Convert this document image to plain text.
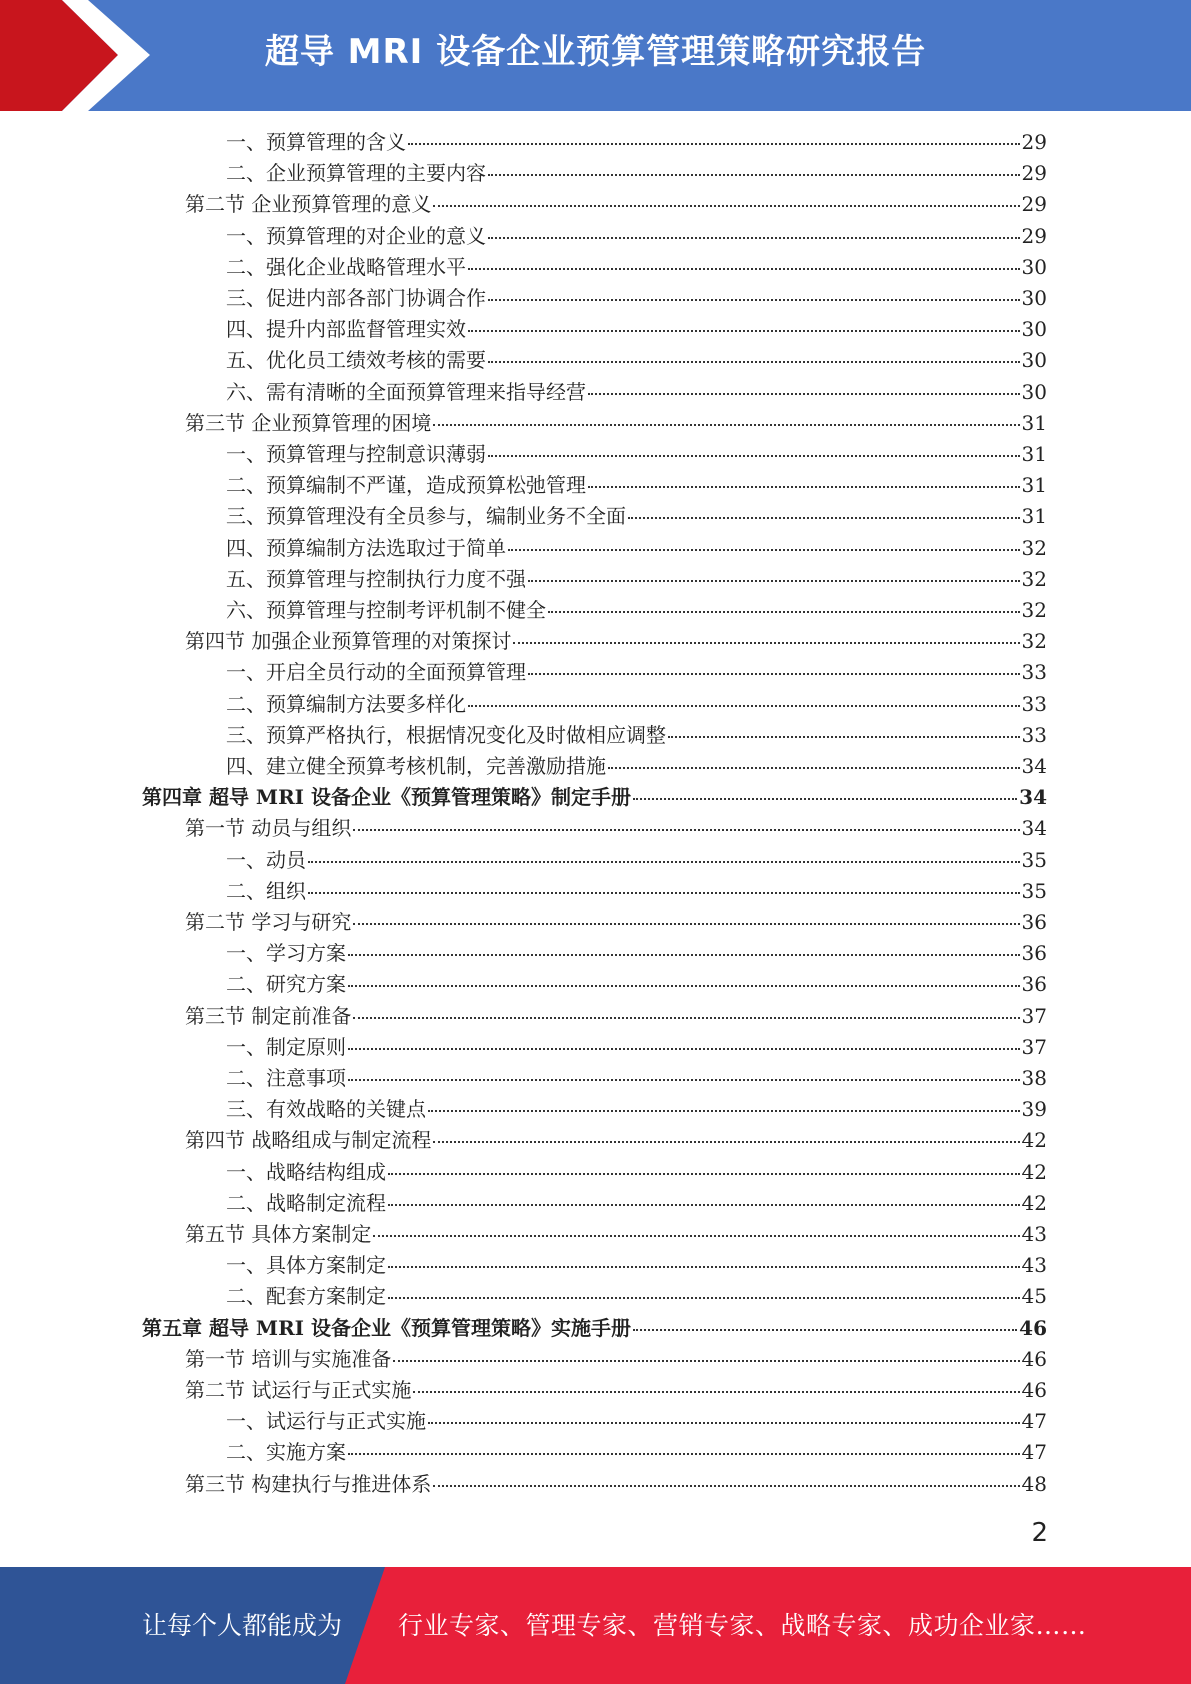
超导 MRI 设备企业预算管理策略研究报告
一、预算管理的含义	29
二、企业预算管理的主要内容	29
第二节 企业预算管理的意义	29
一、预算管理的对企业的意义	29
二、强化企业战略管理水平	30
三、促进内部各部门协调合作	30
四、提升内部监督管理实效	30
五、优化员工绩效考核的需要	30
六、需有清晰的全面预算管理来指导经营	30
第三节 企业预算管理的困境	31
一、预算管理与控制意识薄弱	31
二、预算编制不严谨，造成预算松弛管理	31
三、预算管理没有全员参与，编制业务不全面	31
四、预算编制方法选取过于简单	32
五、预算管理与控制执行力度不强	32
六、预算管理与控制考评机制不健全	32
第四节 加强企业预算管理的对策探讨	32
一、开启全员行动的全面预算管理	33
二、预算编制方法要多样化	33
三、预算严格执行，根据情况变化及时做相应调整	33
四、建立健全预算考核机制，完善激励措施	34
第四章 超导 MRI 设备企业《预算管理策略》制定手册	34
第一节 动员与组织	34
一、动员	35
二、组织	35
第二节 学习与研究	36
一、学习方案	36
二、研究方案	36
第三节 制定前准备	37
一、制定原则	37
二、注意事项	38
三、有效战略的关键点	39
第四节 战略组成与制定流程	42
一、战略结构组成	42
二、战略制定流程	42
第五节 具体方案制定	43
一、具体方案制定	43
二、配套方案制定	45
第五章 超导 MRI 设备企业《预算管理策略》实施手册	46
第一节 培训与实施准备	46
第二节 试运行与正式实施	46
一、试运行与正式实施	47
二、实施方案	47
第三节 构建执行与推进体系	48
2
让每个人都能成为 行业专家、管理专家、营销专家、战略专家、成功企业家……
